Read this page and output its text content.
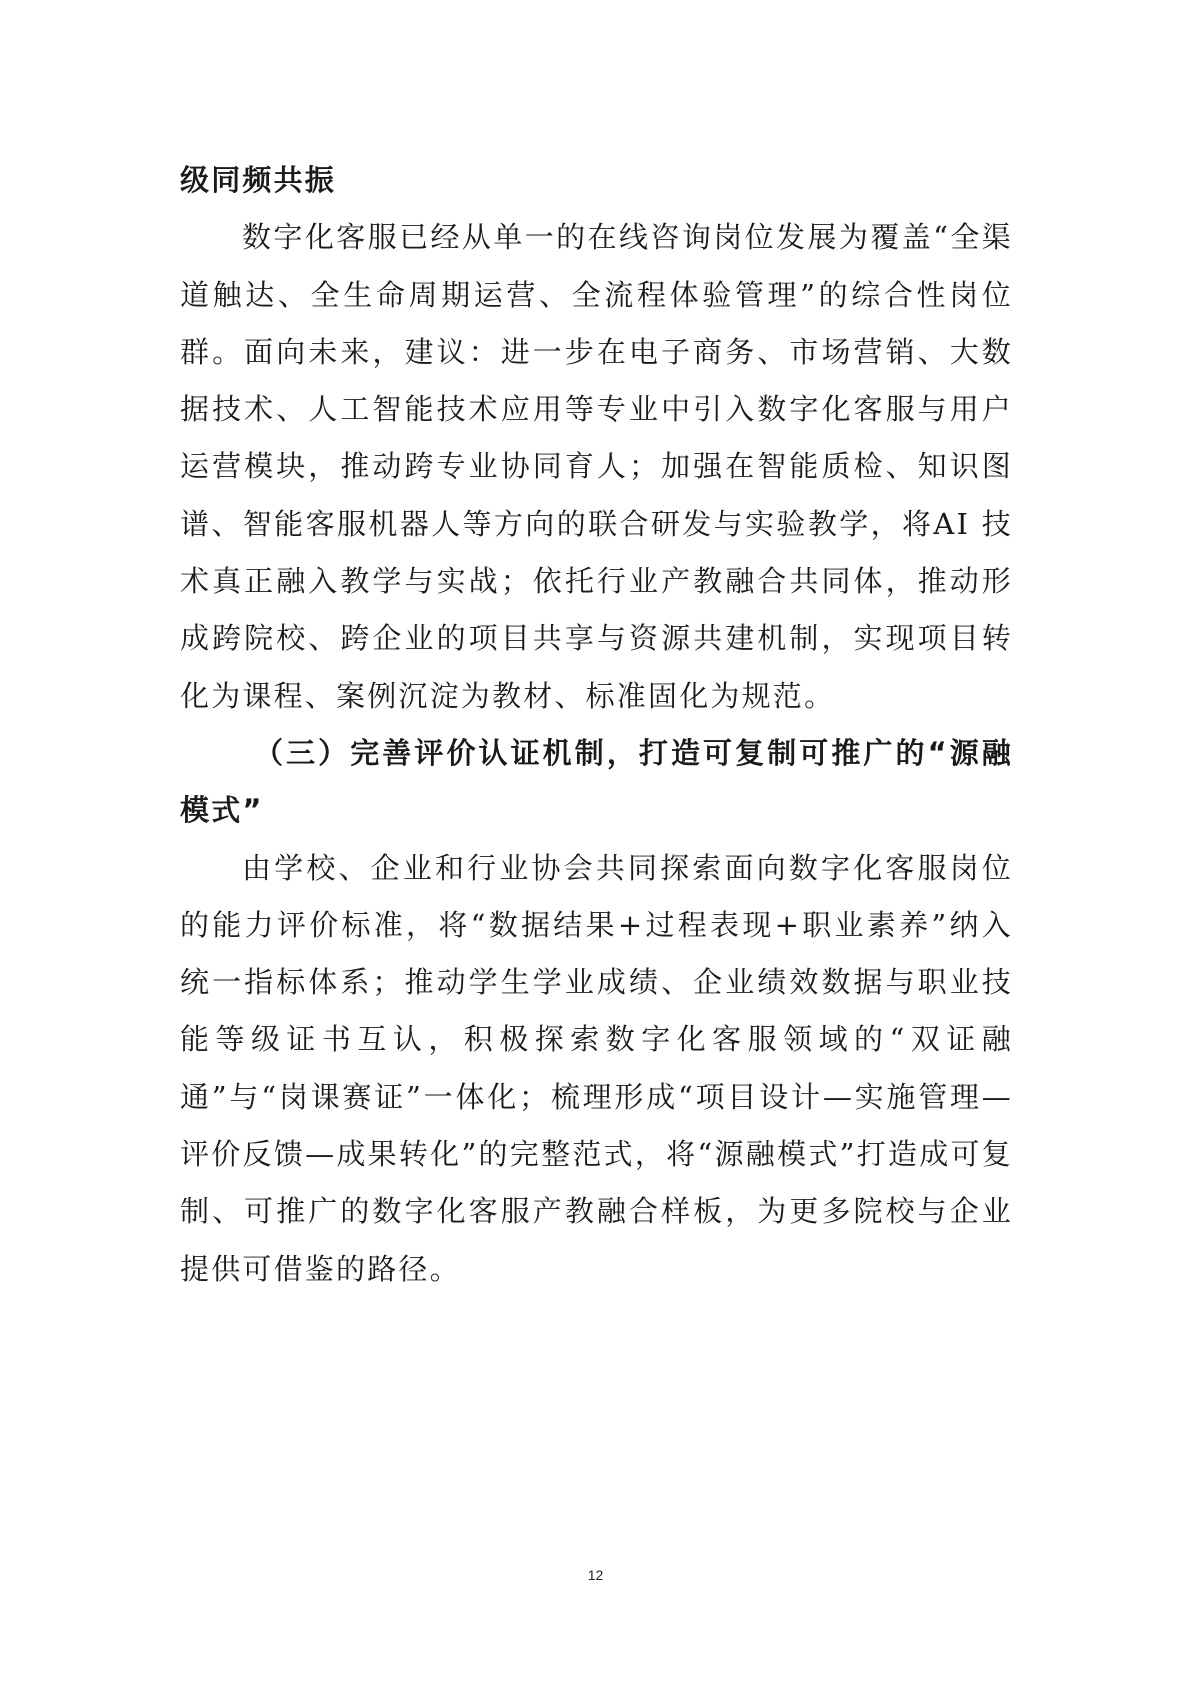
级同频共振

数字化客服已经从单一的在线咨询岗位发展为覆盖“全渠道触达、全生命周期运营、全流程体验管理”的综合性岗位群。面向未来，建议：进一步在电子商务、市场营销、大数据技术、人工智能技术应用等专业中引入数字化客服与用户运营模块，推动跨专业协同育人；加强在智能质检、知识图谱、智能客服机器人等方向的联合研发与实验教学，将AI 技术真正融入教学与实战；依托行业产教融合共同体，推动形成跨院校、跨企业的项目共享与资源共建机制，实现项目转化为课程、案例沉淀为教材、标准固化为规范。

（三）完善评价认证机制，打造可复制可推广的“源融模式”

由学校、企业和行业协会共同探索面向数字化客服岗位的能力评价标准，将“数据结果+过程表现+职业素养”纳入统一指标体系；推动学生学业成绩、企业绩效数据与职业技能等级证书互认，积极探索数字化客服领域的“双证融通”与“岗课赛证”一体化；梳理形成“项目设计—实施管理—评价反馈—成果转化”的完整范式，将“源融模式”打造成可复制、可推广的数字化客服产教融合样板，为更多院校与企业提供可借鉴的路径。

12
